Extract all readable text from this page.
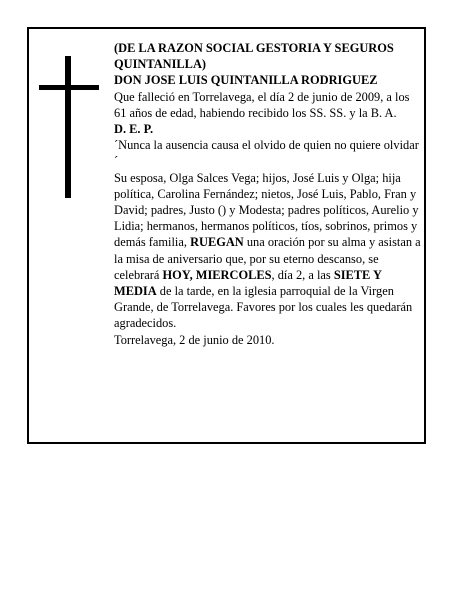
(DE LA RAZON SOCIAL GESTORIA Y SEGUROS QUINTANILLA)

DON JOSE LUIS QUINTANILLA RODRIGUEZ

Que falleció en Torrelavega, el día 2 de junio de 2009, a los 61 años de edad, habiendo recibido los SS. SS. y la B. A.

D. E. P.

´Nunca la ausencia causa el olvido de quien no quiere olvidar´

Su esposa, Olga Salces Vega; hijos, José Luis y Olga; hija política, Carolina Fernández; nietos, José Luis, Pablo, Fran y David; padres, Justo () y Modesta; padres políticos, Aurelio y Lidia; hermanos, hermanos políticos, tíos, sobrinos, primos y demás familia, RUEGAN una oración por su alma y asistan a la misa de aniversario que, por su eterno descanso, se celebrará HOY, MIERCOLES, día 2, a las SIETE Y MEDIA de la tarde, en la iglesia parroquial de la Virgen Grande, de Torrelavega. Favores por los cuales les quedarán agradecidos.

Torrelavega, 2 de junio de 2010.
